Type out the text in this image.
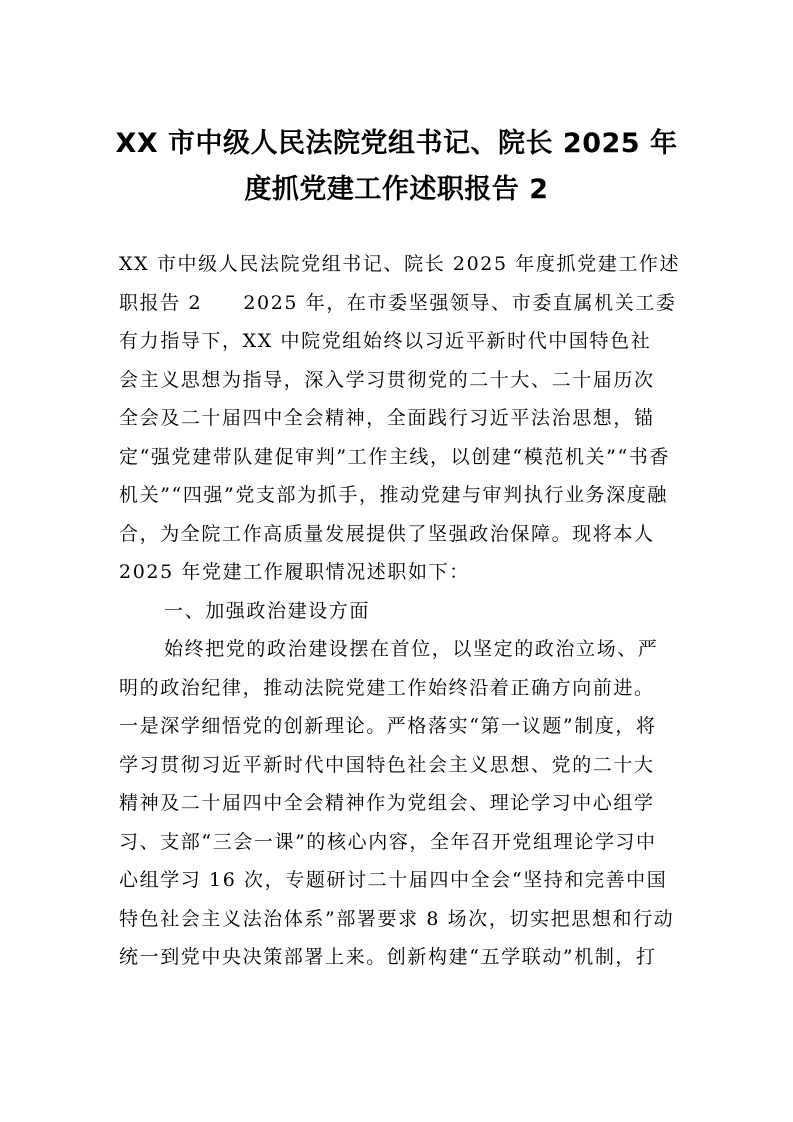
XX 市中级人民法院党组书记、院长 2025 年
度抓党建工作述职报告 2
XX 市中级人民法院党组书记、院长 2025 年度抓党建工作述
职报告 2　　2025 年，在市委坚强领导、市委直属机关工委
有力指导下，XX 中院党组始终以习近平新时代中国特色社
会主义思想为指导，深入学习贯彻党的二十大、二十届历次
全会及二十届四中全会精神，全面践行习近平法治思想，锚
定“强党建带队建促审判”工作主线，以创建“模范机关”“书香
机关”“四强”党支部为抓手，推动党建与审判执行业务深度融
合，为全院工作高质量发展提供了坚强政治保障。现将本人
2025 年党建工作履职情况述职如下：
一、加强政治建设方面
始终把党的政治建设摆在首位，以坚定的政治立场、严
明的政治纪律，推动法院党建工作始终沿着正确方向前进。
一是深学细悟党的创新理论。严格落实“第一议题”制度，将
学习贯彻习近平新时代中国特色社会主义思想、党的二十大
精神及二十届四中全会精神作为党组会、理论学习中心组学
习、支部“三会一课”的核心内容，全年召开党组理论学习中
心组学习 16 次，专题研讨二十届四中全会“坚持和完善中国
特色社会主义法治体系”部署要求 8 场次，切实把思想和行动
统一到党中央决策部署上来。创新构建“五学联动”机制，打
